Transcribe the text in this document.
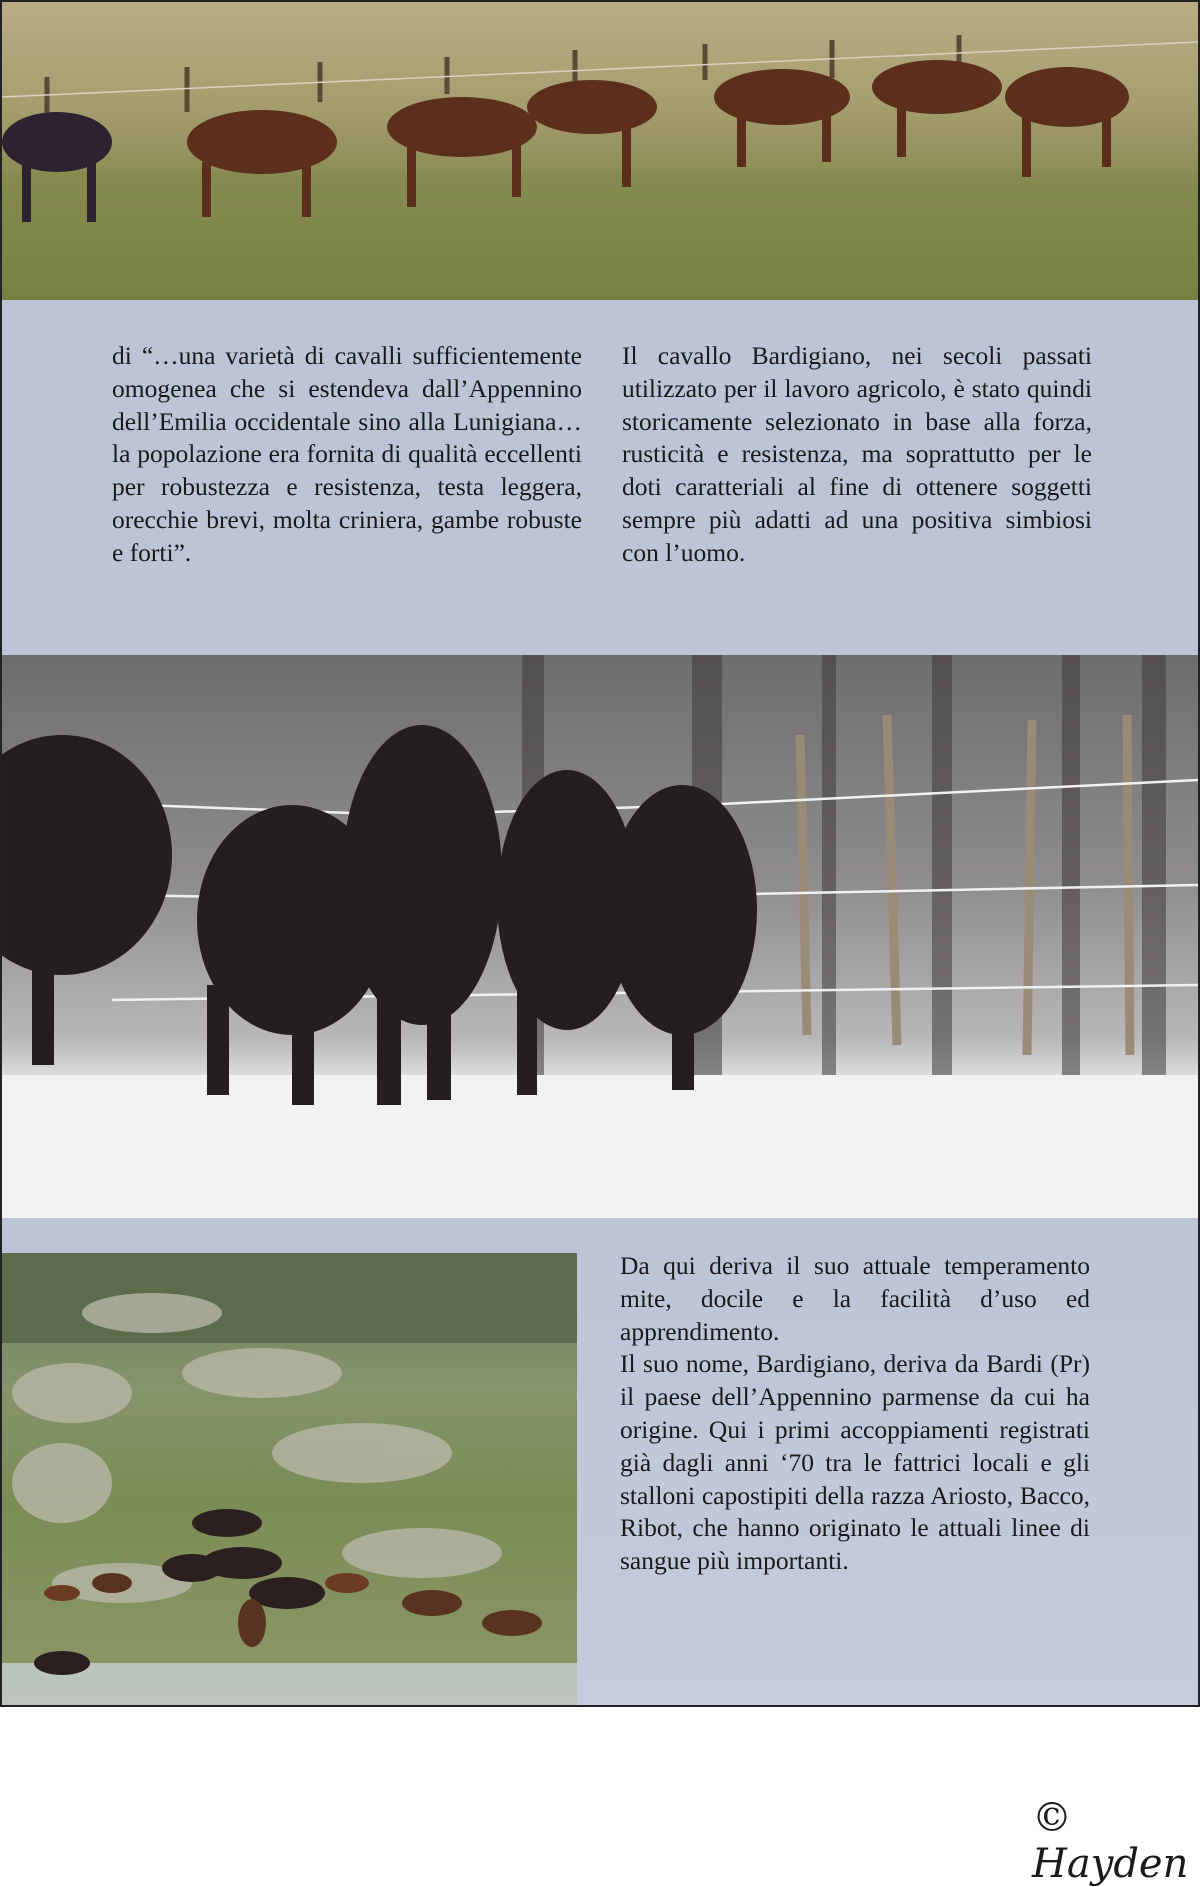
di “…una varietà di cavalli sufficientemente omogenea che si estendeva dall’Appennino dell’Emilia occidentale sino alla Lunigiana… la popolazione era fornita di qualità eccellenti per robustezza e resistenza, testa leggera, orecchie brevi, molta criniera, gambe robuste e forti”.

Il cavallo Bardigiano, nei secoli passati utilizzato per il lavoro agricolo, è stato quindi storicamente selezionato in base alla forza, rusticità e resistenza, ma soprattutto per le doti caratteriali al fine di ottenere soggetti sempre più adatti ad una positiva simbiosi con l’uomo.

© Hayden

Da qui deriva il suo attuale temperamento mite, docile e la facilità d’uso ed apprendimento.

Il suo nome, Bardigiano, deriva da Bardi (Pr) il paese dell’Appennino parmense da cui ha origine. Qui i primi accoppiamenti registrati già dagli anni ‘70 tra le fattrici locali e gli stalloni capostipiti della razza Ariosto, Bacco, Ribot, che hanno originato le attuali linee di sangue più importanti.
